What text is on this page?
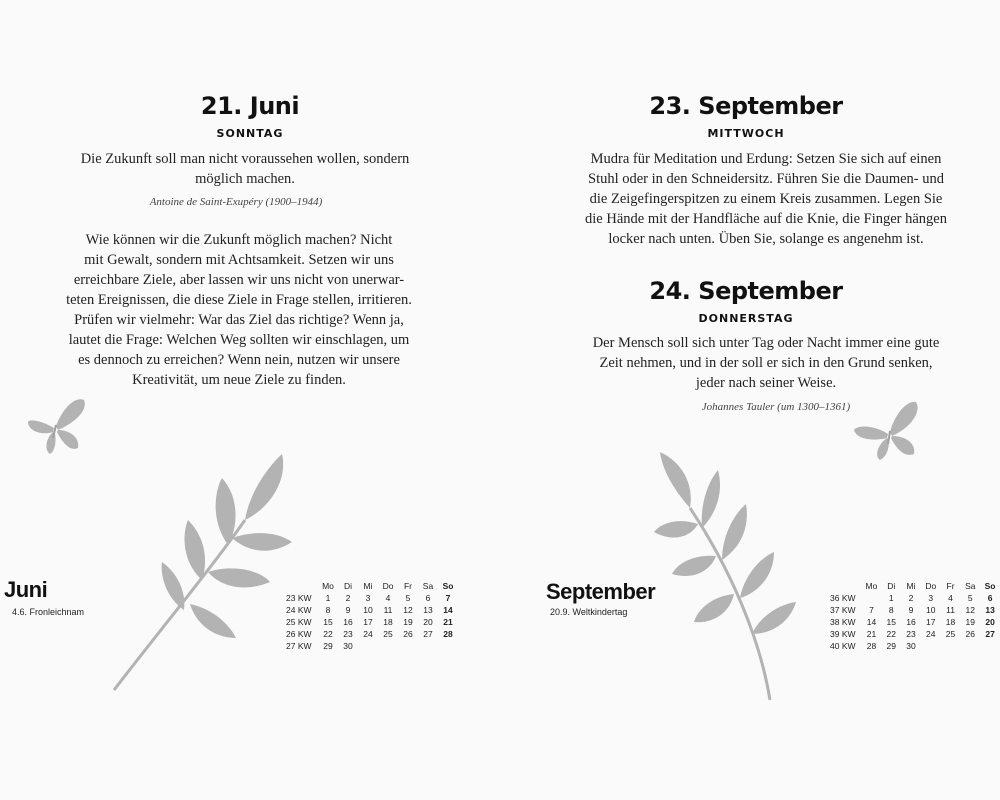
21. Juni
SONNTAG
Die Zukunft soll man nicht voraussehen wollen, sondern
möglich machen.
Antoine de Saint-Exupéry (1900–1944)
Wie können wir die Zukunft möglich machen? Nicht
mit Gewalt, sondern mit Achtsamkeit. Setzen wir uns
erreichbare Ziele, aber lassen wir uns nicht von unerwar-
teten Ereignissen, die diese Ziele in Frage stellen, irritieren.
Prüfen wir vielmehr: War das Ziel das richtige? Wenn ja,
lautet die Frage: Welchen Weg sollten wir einschlagen, um
es dennoch zu erreichen? Wenn nein, nutzen wir unsere
Kreativität, um neue Ziele zu finden.
Juni
4.6. Fronleichnam
	Mo	Di	Mi	Do	Fr	Sa	So
23 KW	1	2	3	4	5	6	7
24 KW	8	9	10	11	12	13	14
25 KW	15	16	17	18	19	20	21
26 KW	22	23	24	25	26	27	28
27 KW	29	30					
23. September
MITTWOCH
Mudra für Meditation und Erdung: Setzen Sie sich auf einen
Stuhl oder in den Schneidersitz. Führen Sie die Daumen- und
die Zeigefingerspitzen zu einem Kreis zusammen. Legen Sie
die Hände mit der Handfläche auf die Knie, die Finger hängen
locker nach unten. Üben Sie, solange es angenehm ist.
24. September
DONNERSTAG
Der Mensch soll sich unter Tag oder Nacht immer eine gute
Zeit nehmen, und in der soll er sich in den Grund senken,
jeder nach seiner Weise.
Johannes Tauler (um 1300–1361)
September
20.9. Weltkindertag
	Mo	Di	Mi	Do	Fr	Sa	So
36 KW		1	2	3	4	5	6
37 KW	7	8	9	10	11	12	13
38 KW	14	15	16	17	18	19	20
39 KW	21	22	23	24	25	26	27
40 KW	28	29	30				
